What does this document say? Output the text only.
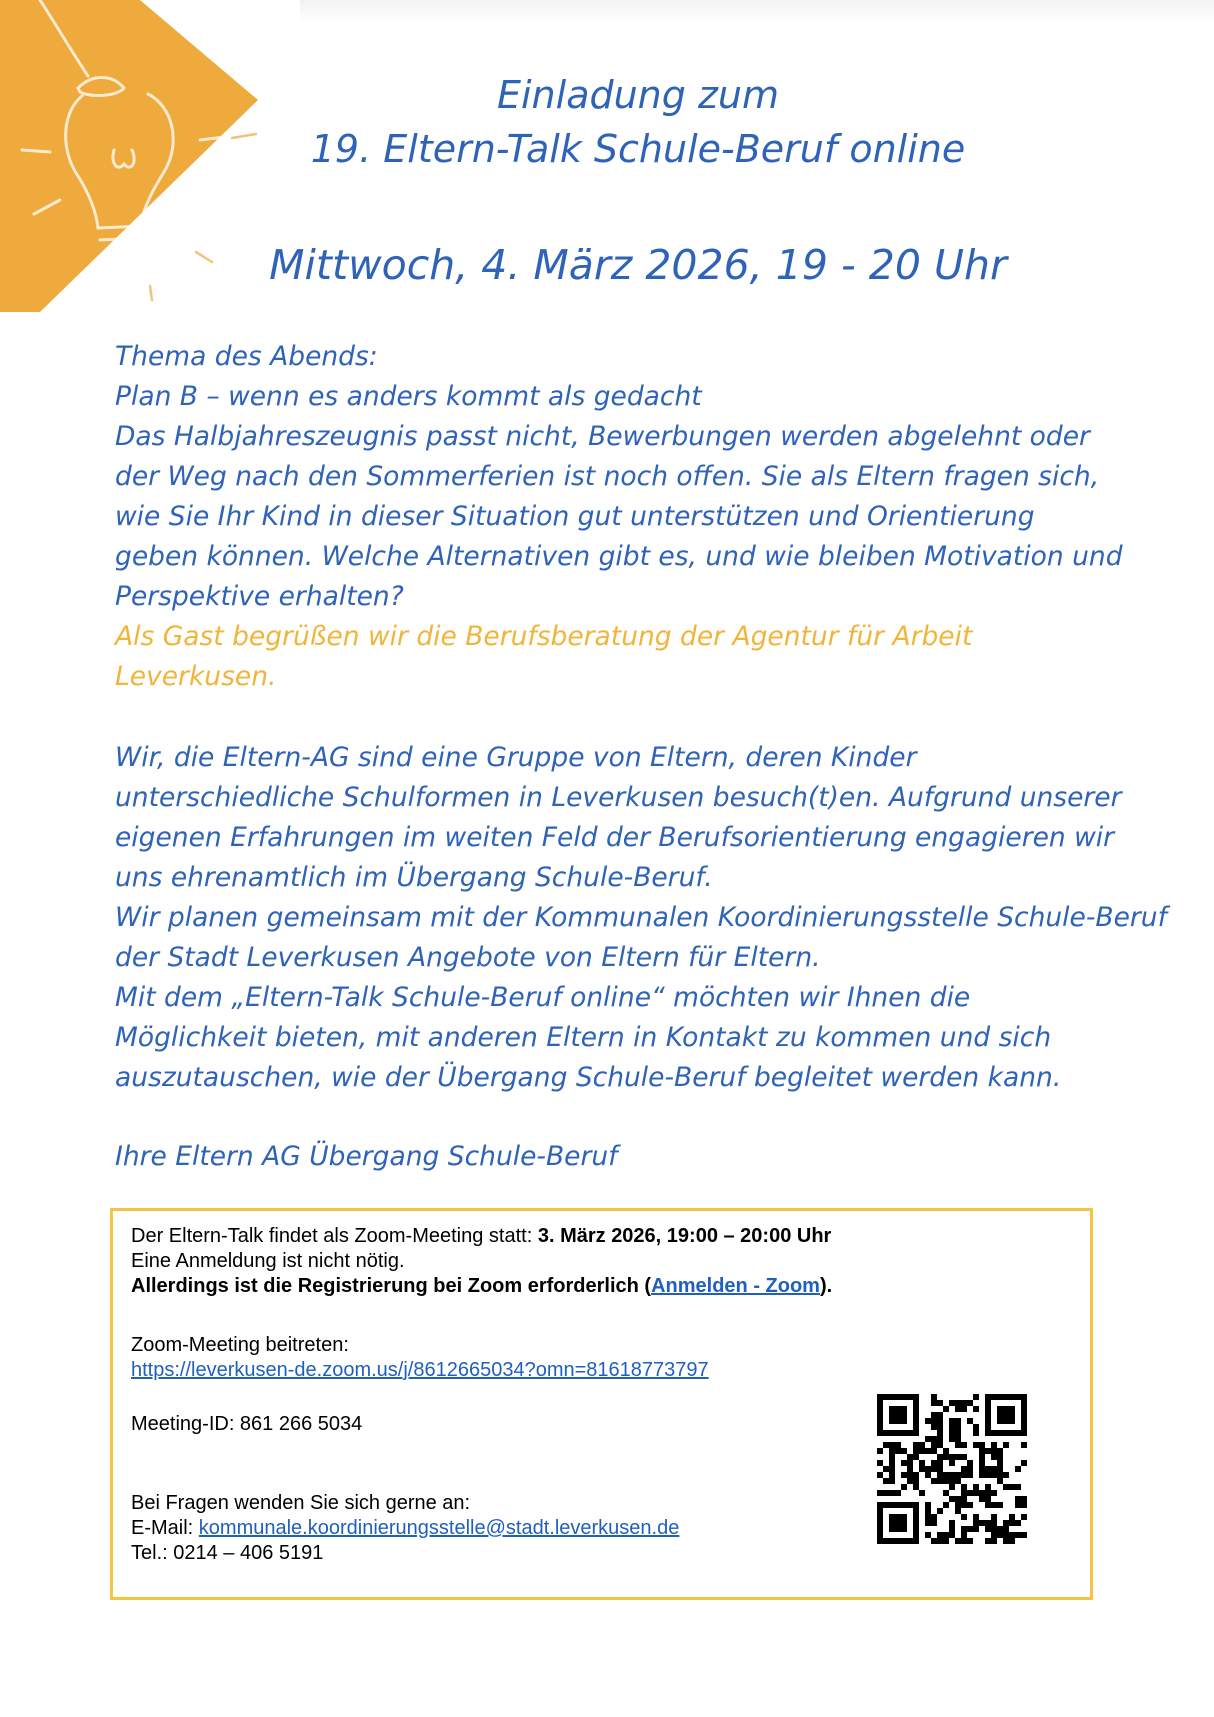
Einladung zum
19. Eltern-Talk Schule-Beruf online
Mittwoch, 4. März 2026, 19 - 20 Uhr
Thema des Abends:
Plan B – wenn es anders kommt als gedacht
Das Halbjahreszeugnis passt nicht, Bewerbungen werden abgelehnt oder
der Weg nach den Sommerferien ist noch offen. Sie als Eltern fragen sich,
wie Sie Ihr Kind in dieser Situation gut unterstützen und Orientierung
geben können. Welche Alternativen gibt es, und wie bleiben Motivation und
Perspektive erhalten?
Als Gast begrüßen wir die Berufsberatung der Agentur für Arbeit
Leverkusen.
Wir, die Eltern-AG sind eine Gruppe von Eltern, deren Kinder
unterschiedliche Schulformen in Leverkusen besuch(t)en. Aufgrund unserer
eigenen Erfahrungen im weiten Feld der Berufsorientierung engagieren wir
uns ehrenamtlich im Übergang Schule-Beruf.
Wir planen gemeinsam mit der Kommunalen Koordinierungsstelle Schule-Beruf
der Stadt Leverkusen Angebote von Eltern für Eltern.
Mit dem „Eltern-Talk Schule-Beruf online“ möchten wir Ihnen die
Möglichkeit bieten, mit anderen Eltern in Kontakt zu kommen und sich
auszutauschen, wie der Übergang Schule-Beruf begleitet werden kann.

Ihre Eltern AG Übergang Schule-Beruf

Der Eltern-Talk findet als Zoom-Meeting statt: 3. März 2026, 19:00 – 20:00 Uhr

Eine Anmeldung ist nicht nötig.

Allerdings ist die Registrierung bei Zoom erforderlich (Anmelden - Zoom).

Zoom-Meeting beitreten:

https://leverkusen-de.zoom.us/j/8612665034?omn=81618773797

Meeting-ID: 861 266 5034

Bei Fragen wenden Sie sich gerne an:

E-Mail: kommunale.koordinierungsstelle@stadt.leverkusen.de

Tel.: 0214 – 406 5191
